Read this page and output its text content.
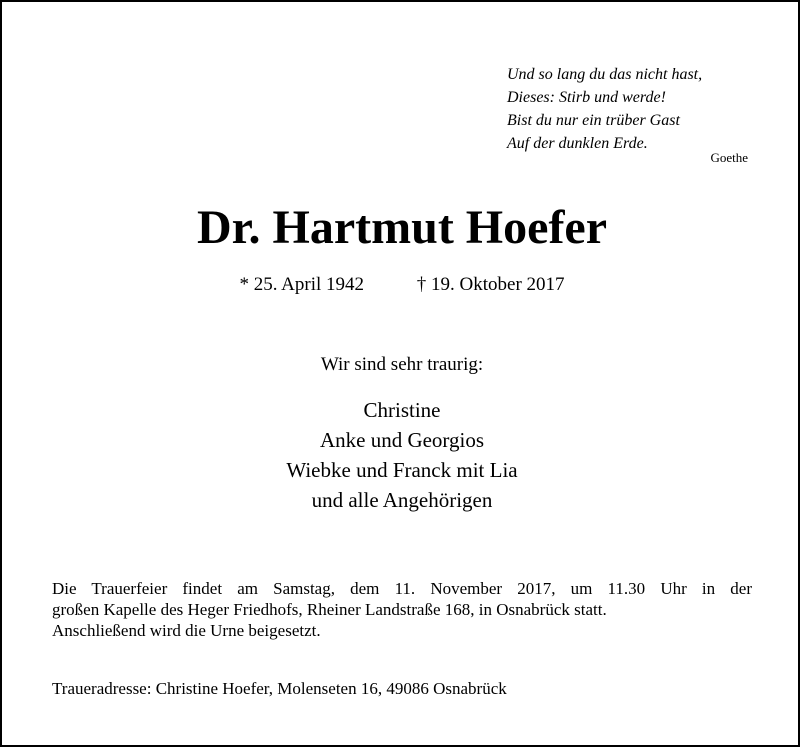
Und so lang du das nicht hast,
Dieses: Stirb und werde!
Bist du nur ein trüber Gast
Auf der dunklen Erde.
Goethe
Dr. Hartmut Hoefer
* 25. April 1942	† 19. Oktober 2017
Wir sind sehr traurig:
Christine
Anke und Georgios
Wiebke und Franck mit Lia
und alle Angehörigen
Die Trauerfeier findet am Samstag, dem 11. November 2017, um 11.30 Uhr in der
großen Kapelle des Heger Friedhofs, Rheiner Landstraße 168, in Osnabrück statt.
Anschließend wird die Urne beigesetzt.
Traueradresse: Christine Hoefer, Molenseten 16, 49086 Osnabrück
